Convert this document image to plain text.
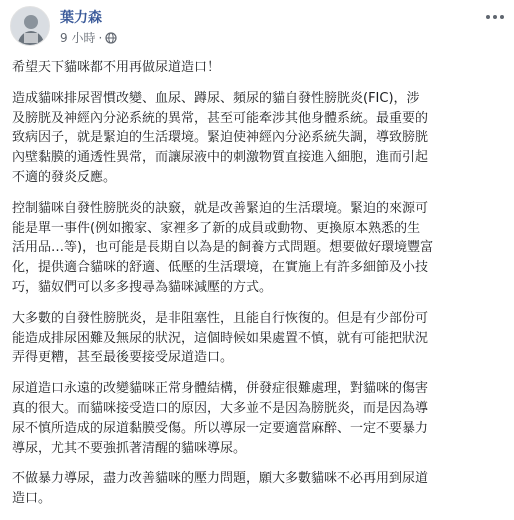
葉力森
9 小時 ·

希望天下貓咪都不用再做尿道造口！

造成貓咪排尿習慣改變、血尿、蹲尿、頻尿的貓自發性膀胱炎(FIC)，涉
及膀胱及神經內分泌系統的異常，甚至可能牽涉其他身體系統。最重要的
致病因子，就是緊迫的生活環境。緊迫使神經內分泌系統失調，導致膀胱
內壁黏膜的通透性異常，而讓尿液中的刺激物質直接進入細胞，進而引起
不適的發炎反應。

控制貓咪自發性膀胱炎的訣竅，就是改善緊迫的生活環境。緊迫的來源可
能是單一事件(例如搬家、家裡多了新的成員或動物、更換原本熟悉的生
活用品…等)，也可能是長期自以為是的飼養方式問題。想要做好環境豐富
化，提供適合貓咪的舒適、低壓的生活環境，在實施上有許多細節及小技
巧，貓奴們可以多多搜尋為貓咪減壓的方式。

大多數的自發性膀胱炎，是非阻塞性，且能自行恢復的。但是有少部份可
能造成排尿困難及無尿的狀況，這個時候如果處置不慎，就有可能把狀況
弄得更糟，甚至最後要接受尿道造口。

尿道造口永遠的改變貓咪正常身體結構，併發症很難處理，對貓咪的傷害
真的很大。而貓咪接受造口的原因，大多並不是因為膀胱炎，而是因為導
尿不慎所造成的尿道黏膜受傷。所以導尿一定要適當麻醉、一定不要暴力
導尿，尤其不要強抓著清醒的貓咪導尿。

不做暴力導尿，盡力改善貓咪的壓力問題，願大多數貓咪不必再用到尿道
造口。
